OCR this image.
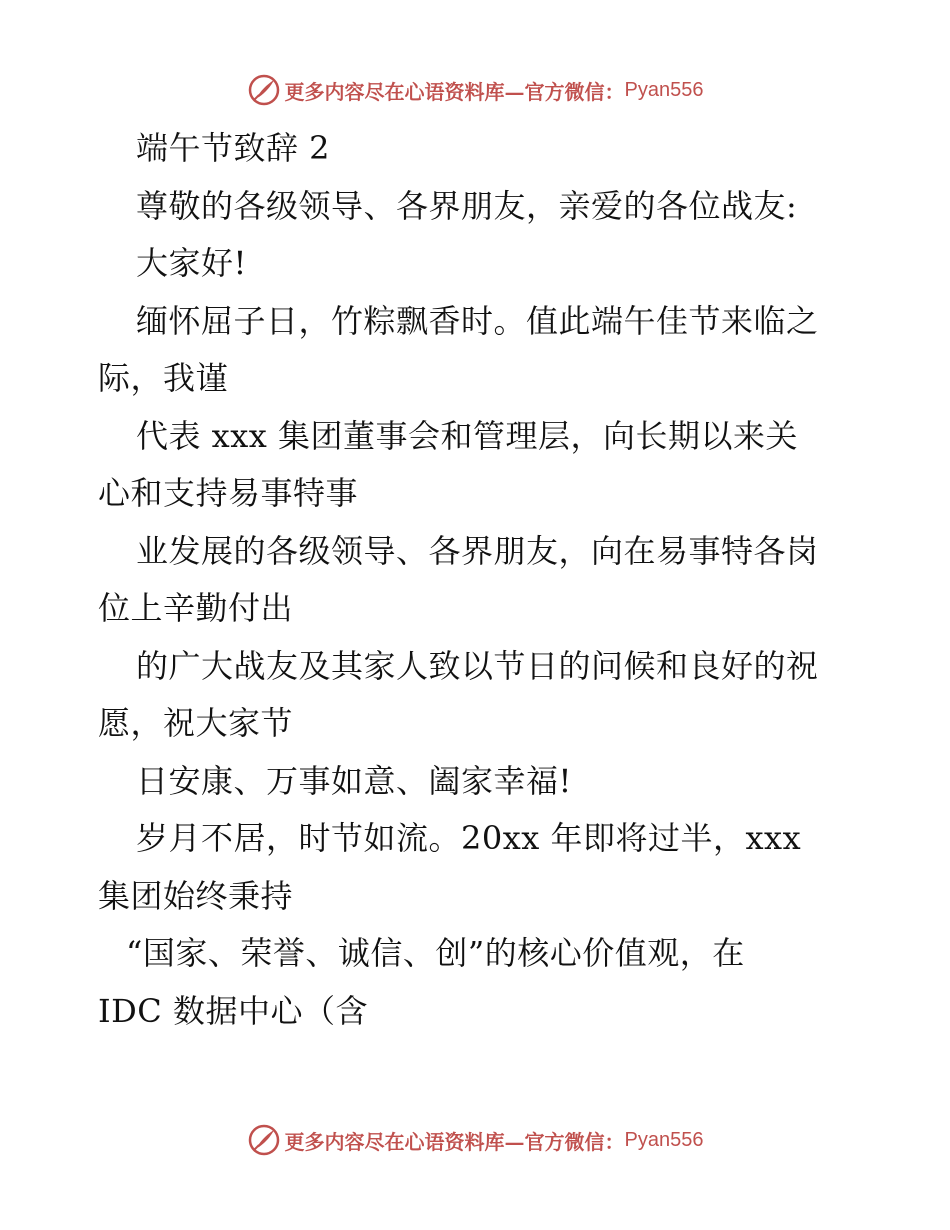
更多内容尽在心语资料库—官方微信： Pyan556
端午节致辞 2
尊敬的各级领导、各界朋友，亲爱的各位战友:
大家好!
缅怀屈子日，竹粽飘香时。值此端午佳节来临之
际，我谨
代表 xxx 集团董事会和管理层，向长期以来关
心和支持易事特事
业发展的各级领导、各界朋友，向在易事特各岗
位上辛勤付出
的广大战友及其家人致以节日的问候和良好的祝
愿，祝大家节
日安康、万事如意、阖家幸福!
岁月不居，时节如流。20xx 年即将过半，xxx
集团始终秉持
“国家、荣誉、诚信、创”的核心价值观，在
IDC 数据中心（含
更多内容尽在心语资料库—官方微信： Pyan556
